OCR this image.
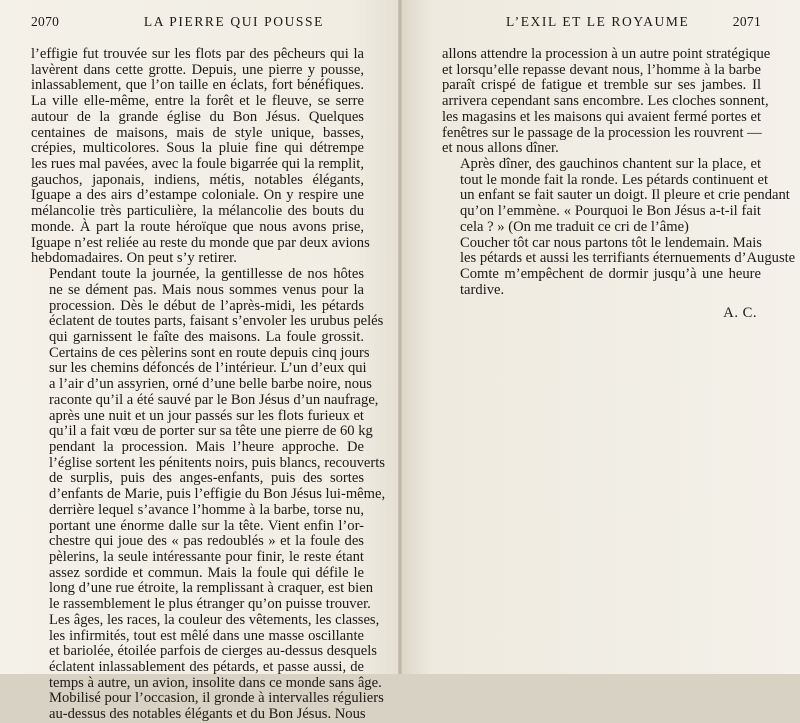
2070	LA PIERRE QUI POUSSE

l’effigie fut trouvée sur les flots par des pêcheurs qui la
lavèrent dans cette grotte. Depuis, une pierre y pousse,
inlassablement, que l’on taille en éclats, fort bénéfiques.
La ville elle-même, entre la forêt et le fleuve, se serre
autour de la grande église du Bon Jésus. Quelques
centaines de maisons, mais de style unique, basses,
crépies, multicolores. Sous la pluie fine qui détrempe
les rues mal pavées, avec la foule bigarrée qui la remplit,
gauchos, japonais, indiens, métis, notables élégants,
Iguape a des airs d’estampe coloniale. On y respire une
mélancolie très particulière, la mélancolie des bouts du
monde. À part la route héroïque que nous avons prise,
Iguape n’est reliée au reste du monde que par deux avions
hebdomadaires. On peut s’y retirer.

Pendant toute la journée, la gentillesse de nos hôtes
ne se dément pas. Mais nous sommes venus pour la
procession. Dès le début de l’après-midi, les pétards
éclatent de toutes parts, faisant s’envoler les urubus pelés
qui garnissent le faîte des maisons. La foule grossit.
Certains de ces pèlerins sont en route depuis cinq jours
sur les chemins défoncés de l’intérieur. L’un d’eux qui
a l’air d’un assyrien, orné d’une belle barbe noire, nous
raconte qu’il a été sauvé par le Bon Jésus d’un naufrage,
après une nuit et un jour passés sur les flots furieux et
qu’il a fait vœu de porter sur sa tête une pierre de 60 kg
pendant la procession. Mais l’heure approche. De
l’église sortent les pénitents noirs, puis blancs, recouverts
de surplis, puis des anges-enfants, puis des sortes
d’enfants de Marie, puis l’effigie du Bon Jésus lui-même,
derrière lequel s’avance l’homme à la barbe, torse nu,
portant une énorme dalle sur la tête. Vient enfin l’or-
chestre qui joue des « pas redoublés » et la foule des
pèlerins, la seule intéressante pour finir, le reste étant
assez sordide et commun. Mais la foule qui défile le
long d’une rue étroite, la remplissant à craquer, est bien
le rassemblement le plus étranger qu’on puisse trouver.
Les âges, les races, la couleur des vêtements, les classes,
les infirmités, tout est mêlé dans une masse oscillante
et bariolée, étoilée parfois de cierges au-dessus desquels
éclatent inlassablement des pétards, et passe aussi, de
temps à autre, un avion, insolite dans ce monde sans âge.
Mobilisé pour l’occasion, il gronde à intervalles réguliers
au-dessus des notables élégants et du Bon Jésus. Nous

L’EXIL ET LE ROYAUME	2071

allons attendre la procession à un autre point stratégique
et lorsqu’elle repasse devant nous, l’homme à la barbe
paraît crispé de fatigue et tremble sur ses jambes. Il
arrivera cependant sans encombre. Les cloches sonnent,
les magasins et les maisons qui avaient fermé portes et
fenêtres sur le passage de la procession les rouvrent —
et nous allons dîner.

Après dîner, des gauchinos chantent sur la place, et
tout le monde fait la ronde. Les pétards continuent et
un enfant se fait sauter un doigt. Il pleure et crie pendant
qu’on l’emmène. « Pourquoi le Bon Jésus a-t-il fait
cela ? » (On me traduit ce cri de l’âme)

Coucher tôt car nous partons tôt le lendemain. Mais
les pétards et aussi les terrifiants éternuements d’Auguste
Comte m’empêchent de dormir jusqu’à une heure
tardive.

A. C.
